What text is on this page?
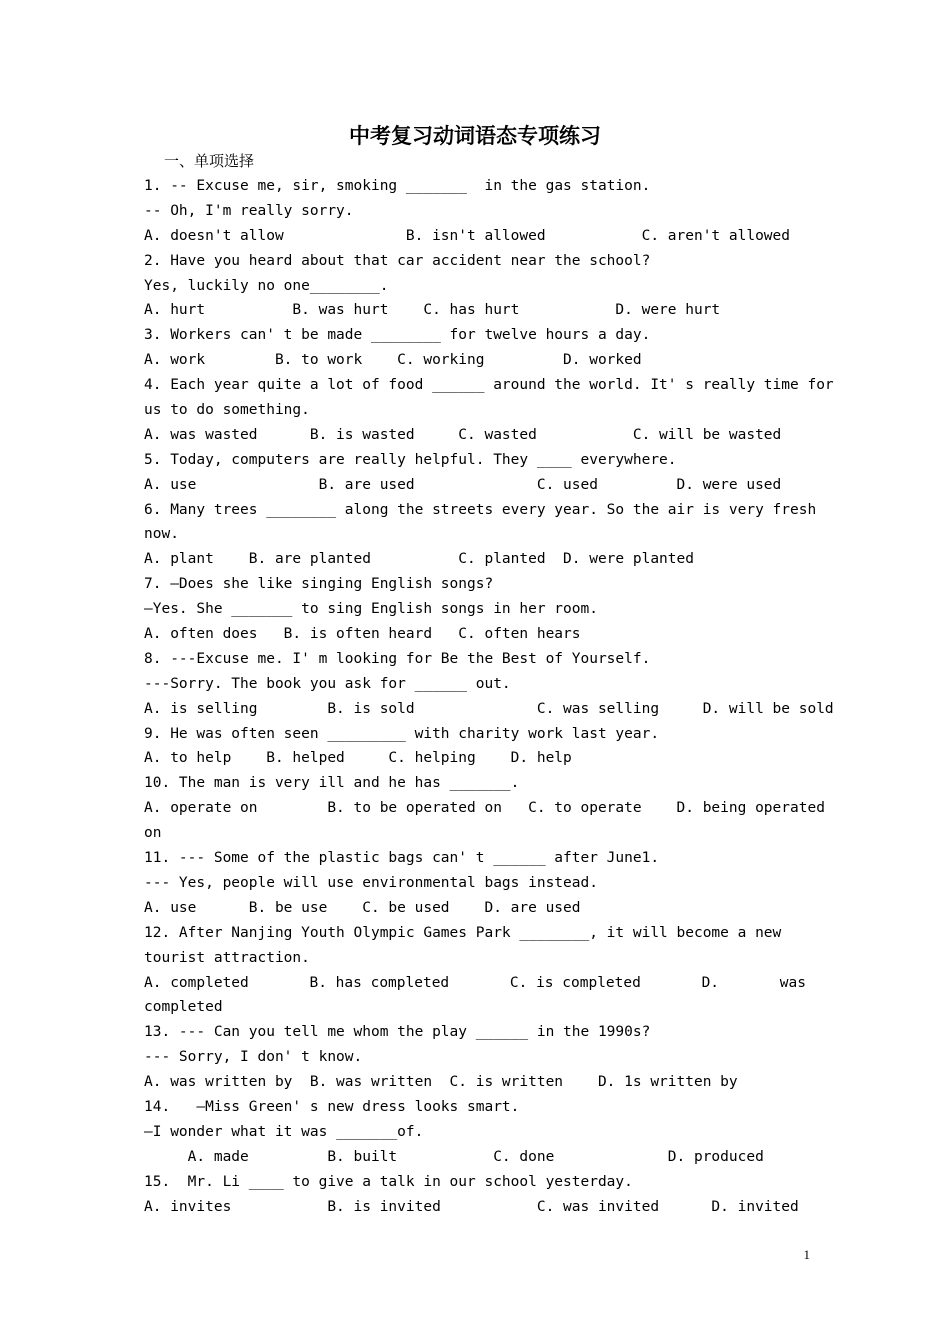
中考复习动词语态专项练习
一、单项选择
1. -- Excuse me, sir, smoking _______  in the gas station.
-- Oh, I'm really sorry.
A. doesn't allow              B. isn't allowed           C. aren't allowed
2. Have you heard about that car accident near the school?
Yes, luckily no one________.
A. hurt          B. was hurt    C. has hurt           D. were hurt
3. Workers can' t be made ________ for twelve hours a day.
A. work        B. to work    C. working         D. worked
4. Each year quite a lot of food ______ around the world. It' s really time for
us to do something.
A. was wasted      B. is wasted     C. wasted           C. will be wasted
5. Today, computers are really helpful. They ____ everywhere.
A. use              B. are used              C. used         D. were used
6. Many trees ________ along the streets every year. So the air is very fresh
now.
A. plant    B. are planted          C. planted  D. were planted
7. —Does she like singing English songs?
—Yes. She _______ to sing English songs in her room.
A. often does   B. is often heard   C. often hears
8. ---Excuse me. I' m looking for Be the Best of Yourself.
---Sorry. The book you ask for ______ out.
A. is selling        B. is sold              C. was selling     D. will be sold
9. He was often seen _________ with charity work last year.
A. to help    B. helped     C. helping    D. help
10. The man is very ill and he has _______.
A. operate on        B. to be operated on   C. to operate    D. being operated
on
11. --- Some of the plastic bags can' t ______ after June1.
--- Yes, people will use environmental bags instead.
A. use      B. be use    C. be used    D. are used
12. After Nanjing Youth Olympic Games Park ________, it will become a new
tourist attraction.
A. completed	B. has completed	C. is completed	D.	was
completed
13. --- Can you tell me whom the play ______ in the 1990s?
--- Sorry, I don' t know.
A. was written by  B. was written  C. is written    D. 1s written by
14.   —Miss Green' s new dress looks smart.
—I wonder what it was _______of.
A. made         B. built           C. done             D. produced
15.  Mr. Li ____ to give a talk in our school yesterday.
A. invites           B. is invited           C. was invited      D. invited
1
